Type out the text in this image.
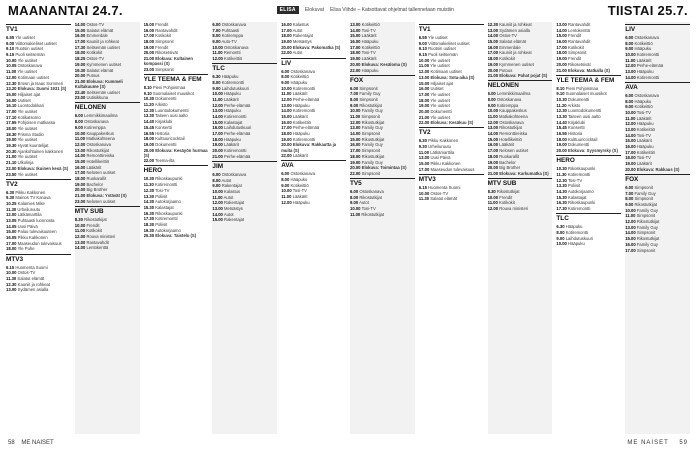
MAANANTAI 24.7.	ELISA	Elokuvat Elisa Viihde – Katsottavat ohjelmat tallennetaan muistiin	TIISTAI 25.7.
TV1
6.55 Yle uutiset
9.00 Viittomakieliset uutiset
9.10 Ruotsin uutiset
9.15 Puoli seitsemän
10.00 Yle uutiset
10.05 Ostoskanava
11.00 Yle uutiset
12.00 Kotimaan uutiset
12.30 Brown ja Isaac Summeri
13.20 Elokuva: Suomi 1931 (S)
15.00 Hiljaiset ajat
16.00 Uutiset
16.10 Luontodokkari
17.00 Yle uutiset
17.10 Kotikatsomo
17.55 Pohjoisen matkassa
18.00 Yle uutiset
18.30 Prisma Studio
19.00 Yle uutiset
19.30 Hyvät kuuntelijat
20.30 Ajankohtainen kakkonen
21.00 Yle uutiset
21.10 Ulkolinja
22.00 Elokuva: Ikuinen kesä (S)
23.50 Yle uutiset
TV2
6.30 Pikku Kakkonen
9.30 Mainos TV Kanava
10.25 Kalamies Mike
11.30 Urheiluruutu
12.00 Lätkämarttila
13.05 Puhtaasti luonnosta
14.05 Uusi Päivä
15.00 Paluu tulevaisuuteen
16.05 Pikku Kakkonen
17.00 Maaseudun tulevaisuus
18.00 Yle Puhe
MTV3
6.15 Huomenta Suomi
10.00 Ostos-TV
11.30 Salatut elämät
12.30 Kauniit ja rohkeat
13.00 Sydämen asialla
14.00 Ostos-TV
15.00 Salatut elämät
16.00 Emmerdale
17.00 Kauniit ja rohkeat
17.30 Seitsemän uutiset
18.00 Kotikokit
18.25 Ostos-TV
19.00 Kymmenen uutiset
19.30 Salatut elämät
20.00 Putous
21.00 Elokuva: Kummeli Kultakuume (S)
22.40 Seitsemän uutiset
23.00 Uutisikkuna
NELONEN
6.00 Lemmikkimaailma
8.00 Ostoskanava
9.00 Kotiremppa
10.00 Kauppakeskus
11.00 Matkakohteena
12.00 Ostoskanava
13.00 Rikostutkijat
14.00 Remonttireiska
15.00 Hotellikeittiö
16.00 Lääkärit
17.00 Nelosen uutiset
18.00 Ruokarallit
19.00 Bachelor
20.00 Big Brother
21.00 Elokuva: Ystävät (S)
23.00 Nelosen uutiset
MTV SUB
8.30 Rikostutkijat
10.00 Frendit
11.00 Kotikokit
12.00 Rouva ministeri
13.00 Rantavahdit
14.00 Lentokenttä
15.00 Frendit
16.00 Rantavahdit
17.00 Kotikokit
18.00 Simpsonit
19.00 Frendit
20.00 Rikosetsivät
21.00 Elokuva: Kultainen kompassi (S)
23.00 Simpsonit
YLE TEEMA & FEM
8.10 Pieni Pohjoismaa
9.10 Suomalaiset muusikot
10.30 Dokumentti
11.20 Arkisto
12.30 Luontodokumentti
13.30 Taiteen uusi aalto
14.40 Kirjaklubi
15.45 Konsertti
16.55 Historia
18.00 Kulttuuricocktail
19.00 Dokumentti
20.00 Elokuva: Kesäyön hurmaa (S)
22.00 Teema-ilta
HERO
10.30 Rikoskaupunki
11.30 Kotiremontti
12.30 Tosi-TV
13.30 Poliisit
14.30 Autokorjaamo
15.30 Kalastajat
16.30 Rikoskaupunki
17.30 Kotiremontti
18.30 Poliisit
19.30 Autokorjaamo
20.30 Elokuva: Taistelu (S)
6.00 Ostoskanava
7.00 Puhtaasti
8.00 Kotiremppa
9.00 Auto-TV
10.00 Ostoskanava
11.00 Remontti
12.00 Kotikeittiö
TLC
6.30 Hääpuku
8.00 Kotiremontti
9.00 Laihdutuskuuri
10.00 Hääpuku
11.00 Lääkärit
12.00 Perhe-elämää
13.00 Hääpuku
14.00 Kotiremontti
15.00 Kalastajat
16.00 Laihdutuskuuri
17.00 Perhe-elämää
18.00 Hääpuku
19.00 Lääkärit
20.00 Kotiremontti
21.00 Perhe-elämää
JIM
6.00 Ostoskanava
8.00 Autot
9.00 Rakentajat
10.00 Kalastus
11.00 Autot
12.00 Rakentajat
13.00 Metsästys
14.00 Autot
15.00 Rakentajat
16.00 Kalastus
17.00 Autot
18.00 Rakentajat
19.00 Metsästys
20.00 Elokuva: Pakomatka (S)
22.00 Autot
LIV
6.00 Ostoskanava
8.00 Kotikeittiö
9.00 Hääpuku
10.00 Kotiremontti
11.00 Lääkärit
12.00 Perhe-elämää
13.00 Hääpuku
14.00 Kotiremontti
15.00 Lääkärit
16.00 Kotikeittiö
17.00 Perhe-elämää
18.00 Hääpuku
19.00 Kotiremontti
20.00 Elokuva: Rakkautta ja muita (S)
22.00 Lääkärit
AVA
6.00 Ostoskanava
8.00 Hääpuku
9.00 Kotikeittiö
10.00 Tosi-TV
11.00 Lääkärit
12.00 Hääpuku
13.00 Kotikeittiö
14.00 Tosi-TV
15.00 Lääkärit
16.00 Hääpuku
17.00 Kotikeittiö
18.00 Tosi-TV
19.00 Lääkärit
20.00 Elokuva: Kesäloma (S)
22.00 Hääpuku
FOX
6.00 Simpsonit
7.00 Family Guy
8.00 Simpsonit
9.00 Rikostutkijat
10.00 Family Guy
11.00 Simpsonit
12.00 Rikostutkijat
13.00 Family Guy
14.00 Simpsonit
15.00 Rikostutkijat
16.00 Family Guy
17.00 Simpsonit
18.00 Rikostutkijat
19.00 Family Guy
20.00 Elokuva: Toimintaa (S)
22.00 Simpsonit
TV5
6.00 Ostoskanava
8.00 Rikostutkijat
9.00 Autot
10.00 Tosi-TV
11.00 Rikostutkijat
TV1
6.55 Yle uutiset
9.00 Viittomakieliset uutiset
9.10 Ruotsin uutiset
9.15 Puoli seitsemän
10.00 Yle uutiset
11.00 Yle uutiset
12.00 Kotimaan uutiset
13.00 Elokuva: Sota-aika (S)
15.00 Hiljaiset ajat
16.00 Uutiset
17.00 Yle uutiset
18.00 Yle uutiset
19.00 Yle uutiset
20.00 Dokumentti
21.00 Yle uutiset
22.00 Elokuva: Kesäkuu (S)
TV2
6.30 Pikku Kakkonen
9.30 Urheiluruutu
11.00 Lätkämarttila
13.00 Uusi Päivä
15.00 Pikku Kakkonen
17.00 Maaseudun tulevaisuus
MTV3
6.15 Huomenta Suomi
10.00 Ostos-TV
11.30 Salatut elämät
12.30 Kauniit ja rohkeat
13.00 Sydämen asialla
14.00 Ostos-TV
15.00 Salatut elämät
16.00 Emmerdale
17.00 Kauniit ja rohkeat
18.00 Kotikokit
19.00 Kymmenen uutiset
20.00 Putous
21.00 Elokuva: Pahat pojat (S)
NELONEN
6.00 Lemmikkimaailma
8.00 Ostoskanava
9.00 Kotiremppa
10.00 Kauppakeskus
11.00 Matkakohteena
12.00 Ostoskanava
13.00 Rikostutkijat
14.00 Remonttireiska
15.00 Hotellikeittiö
16.00 Lääkärit
17.00 Nelosen uutiset
18.00 Ruokarallit
19.00 Bachelor
20.00 Big Brother
21.00 Elokuva: Karkumatka (S)
MTV SUB
8.30 Rikostutkijat
10.00 Frendit
11.00 Kotikokit
12.00 Rouva ministeri
13.00 Rantavahdit
14.00 Lentokenttä
15.00 Frendit
16.00 Rantavahdit
17.00 Kotikokit
18.00 Simpsonit
19.00 Frendit
20.00 Rikosetsivät
21.00 Elokuva: Matkalla (S)
YLE TEEMA & FEM
8.10 Pieni Pohjoismaa
9.10 Suomalaiset muusikot
10.30 Dokumentti
11.20 Arkisto
12.30 Luontodokumentti
13.30 Taiteen uusi aalto
14.40 Kirjaklubi
15.45 Konsertti
16.55 Historia
18.00 Kulttuuricocktail
19.00 Dokumentti
20.00 Elokuva: Syysmyrsky (S)
HERO
10.30 Rikoskaupunki
11.30 Kotiremontti
12.30 Tosi-TV
13.30 Poliisit
14.30 Autokorjaamo
15.30 Kalastajat
16.30 Rikoskaupunki
17.30 Kotiremontti
TLC
6.30 Hääpuku
8.00 Kotiremontti
9.00 Laihdutuskuuri
10.00 Hääpuku
LIV
6.00 Ostoskanava
8.00 Kotikeittiö
9.00 Hääpuku
10.00 Kotiremontti
11.00 Lääkärit
12.00 Perhe-elämää
13.00 Hääpuku
14.00 Kotiremontti
AVA
6.00 Ostoskanava
8.00 Hääpuku
9.00 Kotikeittiö
10.00 Tosi-TV
11.00 Lääkärit
12.00 Hääpuku
13.00 Kotikeittiö
14.00 Tosi-TV
15.00 Lääkärit
16.00 Hääpuku
17.00 Kotikeittiö
18.00 Tosi-TV
19.00 Lääkärit
20.00 Elokuva: Rakkaus (S)
FOX
6.00 Simpsonit
7.00 Family Guy
8.00 Simpsonit
9.00 Rikostutkijat
10.00 Family Guy
11.00 Simpsonit
12.00 Rikostutkijat
13.00 Family Guy
14.00 Simpsonit
15.00 Rikostutkijat
16.00 Family Guy
17.00 Simpsonit
58 ME NAISET	ME NAISET 59
